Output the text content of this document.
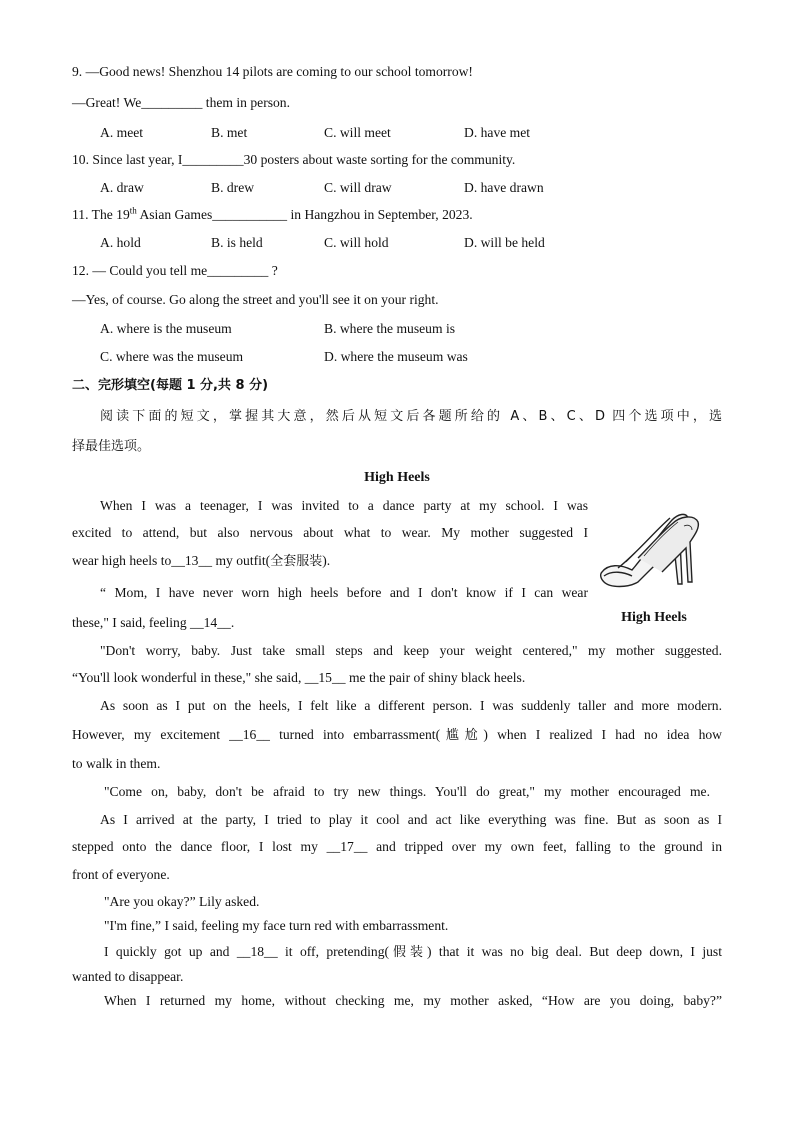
9. —Good news! Shenzhou 14 pilots are coming to our school tomorrow!
—Great! We_________ them in person.
A. meet	B. met	C. will meet	D. have met
10. Since last year, I_________30 posters about waste sorting for the community.
A. draw	B. drew	C. will draw	D. have drawn
11. The 19th Asian Games___________ in Hangzhou in September, 2023.
A. hold	B. is held	C. will hold	D. will be held
12. — Could you tell me_________ ?
—Yes, of course. Go along the street and you'll see it on your right.
A. where is the museum	B. where the museum is
C. where was the museum	D. where the museum was
二、完形填空(每题 1 分,共 8 分)
阅读下面的短文，掌握其大意，然后从短文后各题所给的 A、B、C、D 四个选项中，选
择最佳选项。
High Heels
High Heels
When I was a teenager, I was invited to a dance party at my school. I was
excited to attend, but also nervous about what to wear. My mother suggested I
wear high heels to__13__ my outfit(全套服装).
“ Mom, I have never worn high heels before and I don't know if I can wear
these," I said, feeling __14__.
"Don't worry, baby. Just take small steps and keep your weight centered," my mother suggested.
“You'll look wonderful in these," she said, __15__ me the pair of shiny black heels.
As soon as I put on the heels, I felt like a different person. I was suddenly taller and more modern.
However, my excitement __16__ turned into embarrassment(尴尬) when I realized I had no idea how
to walk in them.
"Come on, baby, don't be afraid to try new things. You'll do great," my mother encouraged me.
As I arrived at the party, I tried to play it cool and act like everything was fine. But as soon as I
stepped onto the dance floor, I lost my __17__ and tripped over my own feet, falling to the ground in
front of everyone.
"Are you okay?” Lily asked.
"I'm fine,” I said, feeling my face turn red with embarrassment.
I quickly got up and __18__ it off, pretending(假装) that it was no big deal. But deep down, I just
wanted to disappear.
When I returned my home, without checking me, my mother asked, “How are you doing, baby?”
